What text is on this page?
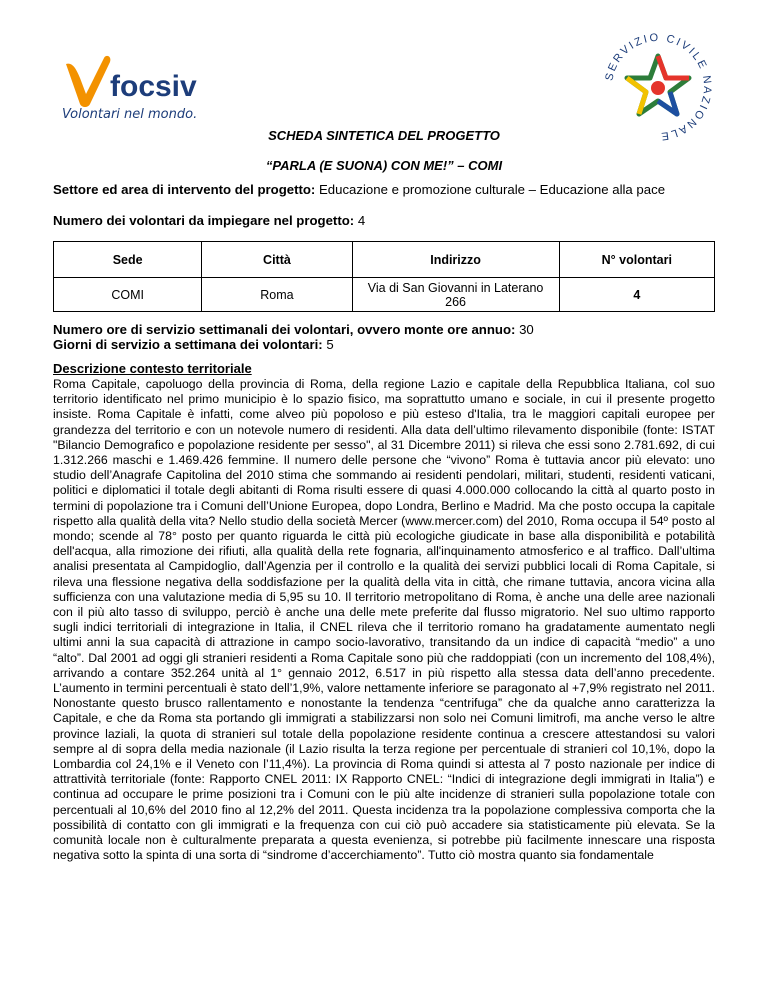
focsiv
Volontari nel mondo.
SERVIZIO CIVILE NAZIONALE
SCHEDA SINTETICA DEL PROGETTO
“PARLA (E SUONA) CON ME!” – COMI
Settore ed area di intervento del progetto: Educazione e promozione culturale – Educazione alla pace
Numero dei volontari da impiegare nel progetto: 4
Sede	Città	Indirizzo	N° volontari
COMI	Roma	Via di San Giovanni in Laterano 266	4
Numero ore di servizio settimanali dei volontari, ovvero monte ore annuo: 30
Giorni di servizio a settimana dei volontari: 5
Descrizione contesto territoriale
Roma Capitale, capoluogo della provincia di Roma, della regione Lazio e capitale della Repubblica Italiana, col suo territorio identificato nel primo municipio è lo spazio fisico, ma soprattutto umano e sociale, in cui il presente progetto insiste. Roma Capitale è infatti, come alveo più popoloso e più esteso d'Italia, tra le maggiori capitali europee per grandezza del territorio e con un notevole numero di residenti. Alla data dell’ultimo rilevamento disponibile (fonte: ISTAT "Bilancio Demografico e popolazione residente per sesso", al 31 Dicembre 2011) si rileva che essi sono 2.781.692, di cui 1.312.266 maschi e 1.469.426 femmine. Il numero delle persone che “vivono” Roma è tuttavia ancor più elevato: uno studio dell’Anagrafe Capitolina del 2010 stima che sommando ai residenti pendolari, militari, studenti, residenti vaticani, politici e diplomatici il totale degli abitanti di Roma risulti essere di quasi 4.000.000 collocando la città al quarto posto in termini di popolazione tra i Comuni dell’Unione Europea, dopo Londra, Berlino e Madrid. Ma che posto occupa la capitale rispetto alla qualità della vita? Nello studio della società Mercer (www.mercer.com) del 2010, Roma occupa il 54º posto al mondo; scende al 78° posto per quanto riguarda le città più ecologiche giudicate in base alla disponibilità e potabilità dell'acqua, alla rimozione dei rifiuti, alla qualità della rete fognaria, all'inquinamento atmosferico e al traffico. Dall’ultima analisi presentata al Campidoglio, dall’Agenzia per il controllo e la qualità dei servizi pubblici locali di Roma Capitale, si rileva una flessione negativa della soddisfazione per la qualità della vita in città, che rimane tuttavia, ancora vicina alla sufficienza con una valutazione media di 5,95 su 10. Il territorio metropolitano di Roma, è anche una delle aree nazionali con il più alto tasso di sviluppo, perciò è anche una delle mete preferite dal flusso migratorio. Nel suo ultimo rapporto sugli indici territoriali di integrazione in Italia, il CNEL rileva che il territorio romano ha gradatamente aumentato negli ultimi anni la sua capacità di attrazione in campo socio-lavorativo, transitando da un indice di capacità “medio” a uno “alto”. Dal 2001 ad oggi gli stranieri residenti a Roma Capitale sono più che raddoppiati (con un incremento del 108,4%), arrivando a contare 352.264 unità al 1° gennaio 2012, 6.517 in più rispetto alla stessa data dell’anno precedente. L’aumento in termini percentuali è stato dell’1,9%, valore nettamente inferiore se paragonato al +7,9% registrato nel 2011. Nonostante questo brusco rallentamento e nonostante la tendenza “centrifuga” che da qualche anno caratterizza la Capitale, e che da Roma sta portando gli immigrati a stabilizzarsi non solo nei Comuni limitrofi, ma anche verso le altre province laziali, la quota di stranieri sul totale della popolazione residente continua a crescere attestandosi su valori sempre al di sopra della media nazionale (il Lazio risulta la terza regione per percentuale di stranieri col 10,1%, dopo la Lombardia col 24,1% e il Veneto con l’11,4%). La provincia di Roma quindi si attesta al 7 posto nazionale per indice di attrattività territoriale (fonte: Rapporto CNEL 2011: IX Rapporto CNEL: “Indici di integrazione degli immigrati in Italia”) e continua ad occupare le prime posizioni tra i Comuni con le più alte incidenze di stranieri sulla popolazione totale con percentuali al 10,6% del 2010 fino al 12,2% del 2011. Questa incidenza tra la popolazione complessiva comporta che la possibilità di contatto con gli immigrati e la frequenza con cui ciò può accadere sia statisticamente più elevata. Se la comunità locale non è culturalmente preparata a questa evenienza, si potrebbe più facilmente innescare una risposta negativa sotto la spinta di una sorta di “sindrome d’accerchiamento”. Tutto ciò mostra quanto sia fondamentale
